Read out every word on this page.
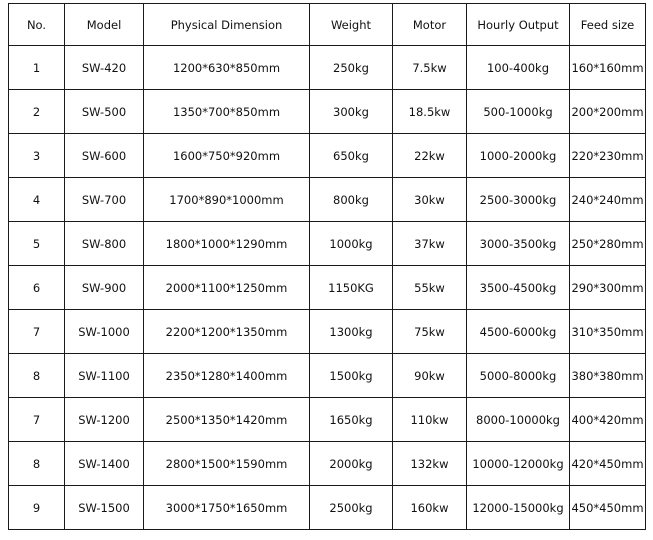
No.	Model	Physical Dimension	Weight	Motor	Hourly Output	Feed size
1	SW-420	1200*630*850mm	250kg	7.5kw	100-400kg	160*160mm
2	SW-500	1350*700*850mm	300kg	18.5kw	500-1000kg	200*200mm
3	SW-600	1600*750*920mm	650kg	22kw	1000-2000kg	220*230mm
4	SW-700	1700*890*1000mm	800kg	30kw	2500-3000kg	240*240mm
5	SW-800	1800*1000*1290mm	1000kg	37kw	3000-3500kg	250*280mm
6	SW-900	2000*1100*1250mm	1150KG	55kw	3500-4500kg	290*300mm
7	SW-1000	2200*1200*1350mm	1300kg	75kw	4500-6000kg	310*350mm
8	SW-1100	2350*1280*1400mm	1500kg	90kw	5000-8000kg	380*380mm
7	SW-1200	2500*1350*1420mm	1650kg	110kw	8000-10000kg	400*420mm
8	SW-1400	2800*1500*1590mm	2000kg	132kw	10000-12000kg	420*450mm
9	SW-1500	3000*1750*1650mm	2500kg	160kw	12000-15000kg	450*450mm
